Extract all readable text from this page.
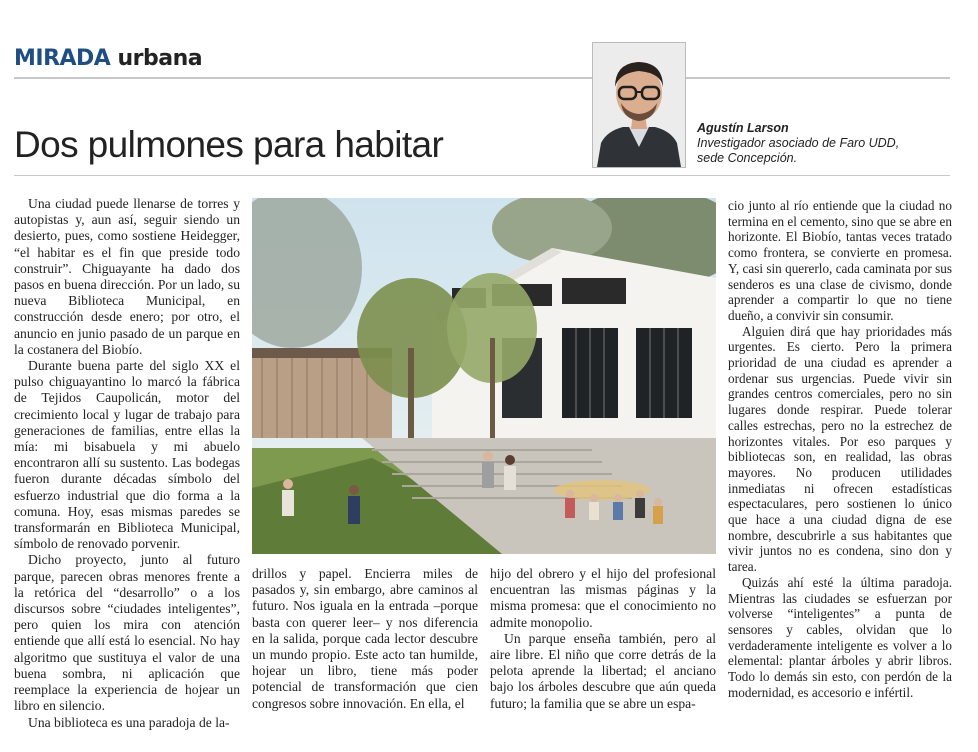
MIRADA urbana
Dos pulmones para habitar	Agustín Larson
Investigador asociado de Faro UDD,
sede Concepción.

Una ciudad puede llenarse de torres y autopistas y, aun así, seguir siendo un desierto, pues, como sostiene Heidegger, “el habitar es el fin que preside todo construir”. Chiguayante ha dado dos pasos en buena dirección. Por un lado, su nueva Biblioteca Municipal, en construcción desde enero; por otro, el anuncio en junio pasado de un parque en la costanera del Biobío.

Durante buena parte del siglo XX el pulso chiguayantino lo marcó la fábrica de Tejidos Caupolicán, motor del crecimiento local y lugar de trabajo para generaciones de familias, entre ellas la mía: mi bisabuela y mi abuelo encontraron allí su sustento. Las bodegas fueron durante décadas símbolo del esfuerzo industrial que dio forma a la comuna. Hoy, esas mismas paredes se transformarán en Biblioteca Municipal, símbolo de renovado porvenir.

Dicho proyecto, junto al futuro parque, parecen obras menores frente a la retórica del “desarrollo” o a los discursos sobre “ciudades inteligentes”, pero quien los mira con atención entiende que allí está lo esencial. No hay algoritmo que sustituya el valor de una buena sombra, ni aplicación que reemplace la experiencia de hojear un libro en silencio.

Una biblioteca es una paradoja de la-

drillos y papel. Encierra miles de pasados y, sin embargo, abre caminos al futuro. Nos iguala en la entrada –porque basta con querer leer– y nos diferencia en la salida, porque cada lector descubre un mundo propio. Este acto tan humilde, hojear un libro, tiene más poder potencial de transformación que cien congresos sobre innovación. En ella, el

hijo del obrero y el hijo del profesional encuentran las mismas páginas y la misma promesa: que el conocimiento no admite monopolio.

Un parque enseña también, pero al aire libre. El niño que corre detrás de la pelota aprende la libertad; el anciano bajo los árboles descubre que aún queda futuro; la familia que se abre un espa-

cio junto al río entiende que la ciudad no termina en el cemento, sino que se abre en horizonte. El Biobío, tantas veces tratado como frontera, se convierte en promesa. Y, casi sin quererlo, cada caminata por sus senderos es una clase de civismo, donde aprender a compartir lo que no tiene dueño, a convivir sin consumir.

Alguien dirá que hay prioridades más urgentes. Es cierto. Pero la primera prioridad de una ciudad es aprender a ordenar sus urgencias. Puede vivir sin grandes centros comerciales, pero no sin lugares donde respirar. Puede tolerar calles estrechas, pero no la estrechez de horizontes vitales. Por eso parques y bibliotecas son, en realidad, las obras mayores. No producen utilidades inmediatas ni ofrecen estadísticas espectaculares, pero sostienen lo único que hace a una ciudad digna de ese nombre, descubrirle a sus habitantes que vivir juntos no es condena, sino don y tarea.

Quizás ahí esté la última paradoja. Mientras las ciudades se esfuerzan por volverse “inteligentes” a punta de sensores y cables, olvidan que lo verdaderamente inteligente es volver a lo elemental: plantar árboles y abrir libros. Todo lo demás sin esto, con perdón de la modernidad, es accesorio e infértil.
